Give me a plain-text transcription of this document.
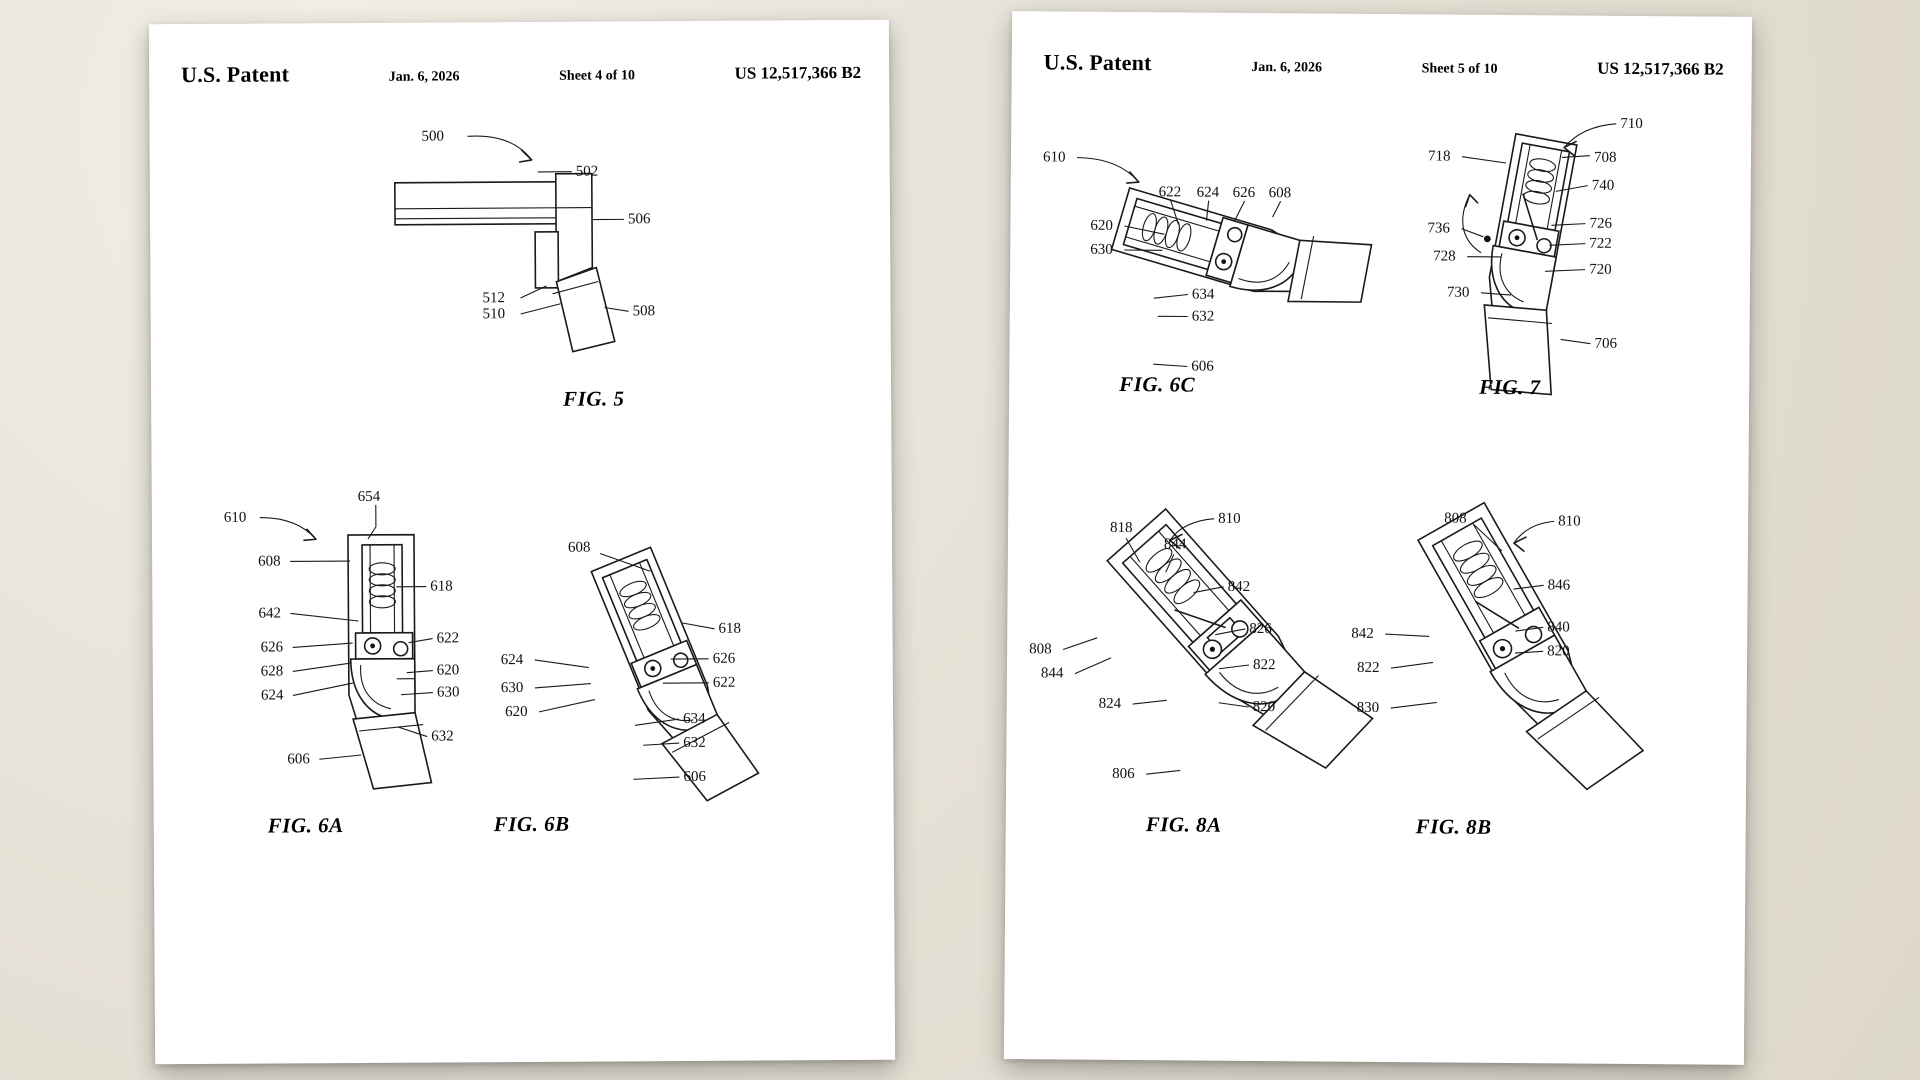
U.S. Patent	Jan. 6, 2026	Sheet 4 of 10	US 12,517,366 B2
500
502
506
512
510	508
FIG. 5
610
654
608
618
642
626
622
628
624
620
630
606
632
FIG. 6A
608
624
618
630
626
620
622
634
632
606
FIG. 6B
U.S. Patent	Jan. 6, 2026	Sheet 5 of 10	US 12,517,366 B2
610
622 624 626 608
620
630
634
632
606
FIG. 6C
710
718	708
740
736	726
722
728
720
730
706
FIG. 7
810
818
844
842
826
822
808
844
824	820
806
FIG. 8A
808	810
846
840
820
842
822
830
FIG. 8B
